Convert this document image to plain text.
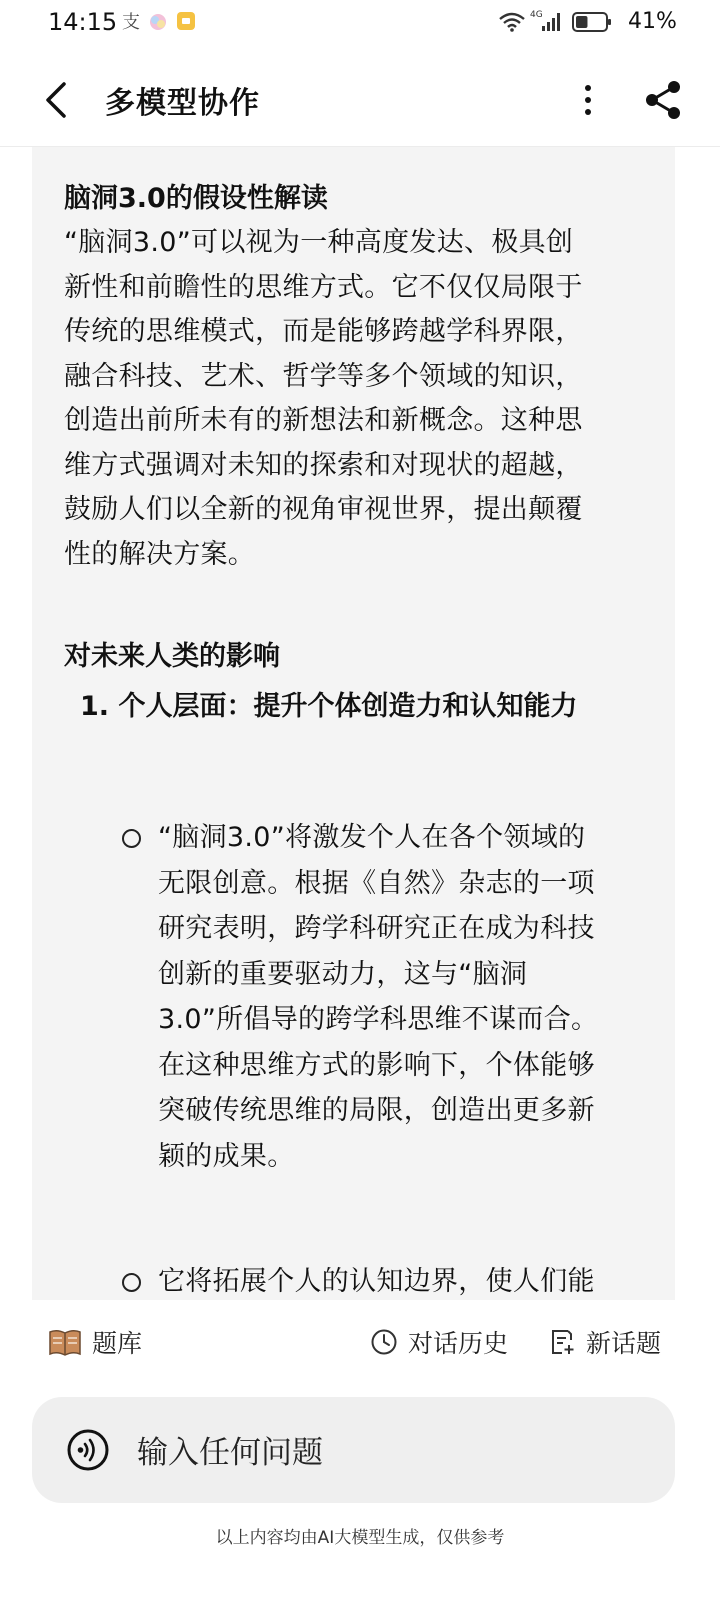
14:15 支	4G	41%
多模型协作
脑洞3.0的假设性解读
“脑洞3.0”可以视为一种高度发达、极具创
新性和前瞻性的思维方式。它不仅仅局限于
传统的思维模式，而是能够跨越学科界限，
融合科技、艺术、哲学等多个领域的知识，
创造出前所未有的新想法和新概念。这种思
维方式强调对未知的探索和对现状的超越，
鼓励人们以全新的视角审视世界，提出颠覆
性的解决方案。
对未来人类的影响
1. 个人层面：提升个体创造力和认知能力
“脑洞3.0”将激发个人在各个领域的
无限创意。根据《自然》杂志的一项
研究表明，跨学科研究正在成为科技
创新的重要驱动力，这与“脑洞
3.0”所倡导的跨学科思维不谋而合。
在这种思维方式的影响下，个体能够
突破传统思维的局限，创造出更多新
颖的成果。
它将拓展个人的认知边界，使人们能
题库	对话历史	新话题
输入任何问题
以上内容均由AI大模型生成，仅供参考
